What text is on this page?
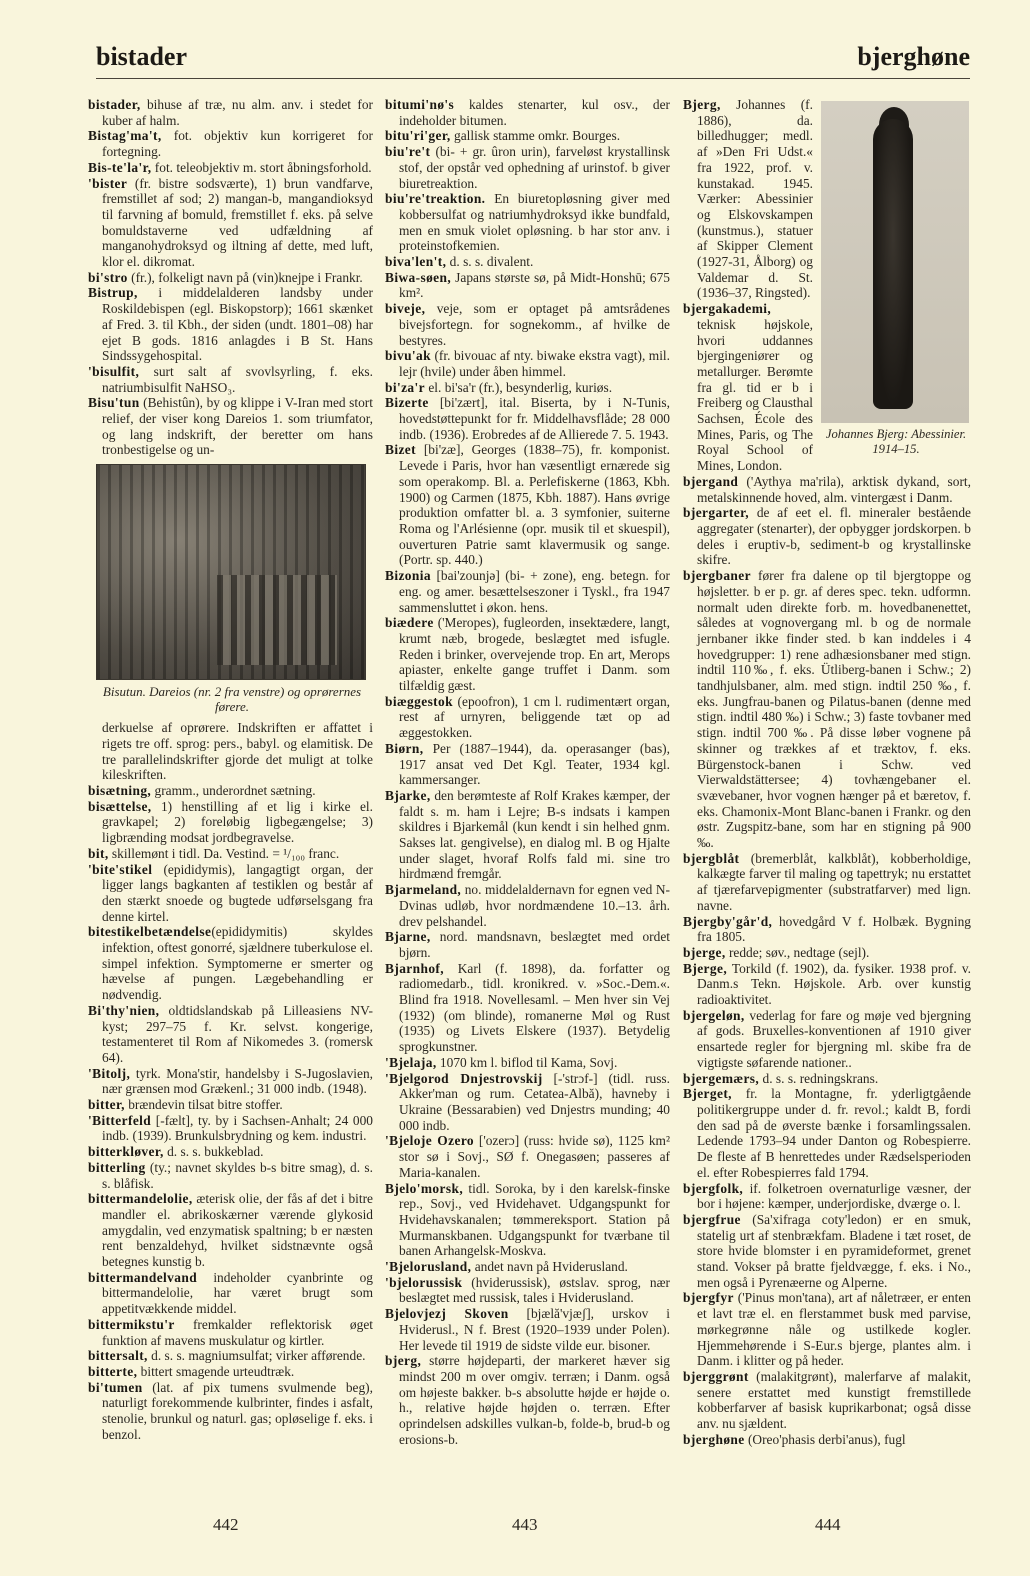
bistader	bjerghøne
bistader, bihuse af træ, nu alm. anv. i stedet for kuber af halm.
Bistag'ma't, fot. objektiv kun korrigeret for fortegning.
Bis-te'la'r, fot. teleobjektiv m. stort åbningsforhold.
'bister (fr. bistre sodsværte), 1) brun vandfarve, fremstillet af sod; 2) mangan-b, mangandioksyd til farvning af bomuld, fremstillet f. eks. på selve bomuldstaverne ved udfældning af manganohydroksyd og iltning af dette, med luft, klor el. dikromat.
bi'stro (fr.), folkeligt navn på (vin)knejpe i Frankr.
Bistrup, i middelalderen landsby under Roskildebispen (egl. Biskopstorp); 1661 skænket af Fred. 3. til Kbh., der siden (undt. 1801–08) har ejet B gods. 1816 anlagdes i B St. Hans Sindssygehospital.
'bisulfit, surt salt af svovlsyrling, f. eks. natriumbisulfit NaHSO₃.
Bisu'tun (Behistûn), by og klippe i V-Iran med stort relief, der viser kong Dareios 1. som triumfator, og lang indskrift, der beretter om hans tronbestigelse og un-
Bisutun. Dareios (nr. 2 fra venstre) og oprørernes førere.
derkuelse af oprørere. Indskriften er affattet i rigets tre off. sprog: pers., babyl. og elamitisk. De tre parallelindskrifter gjorde det muligt at tolke kileskriften.
bisætning, gramm., underordnet sætning.
bisættelse, 1) henstilling af et lig i kirke el. gravkapel; 2) foreløbig ligbegængelse; 3) ligbrænding modsat jordbegravelse.
bit, skillemønt i tidl. Da. Vestind. = ¹/₁₀₀ franc.
'bite'stikel (epididymis), langagtigt organ, der ligger langs bagkanten af testiklen og består af den stærkt snoede og bugtede udførselsgang fra denne kirtel.
bitestikelbetændelse(epididymitis) skyldes infektion, oftest gonorré, sjældnere tuberkulose el. simpel infektion. Symptomerne er smerter og hævelse af pungen. Lægebehandling er nødvendig.
Bi'thy'nien, oldtidslandskab på Lilleasiens NV-kyst; 297–75 f. Kr. selvst. kongerige, testamenteret til Rom af Nikomedes 3. (romersk 64).
'Bitolj, tyrk. Mona'stir, handelsby i S-Jugoslavien, nær grænsen mod Grækenl.; 31 000 indb. (1948).
bitter, brændevin tilsat bitre stoffer.
'Bitterfeld [-fælt], ty. by i Sachsen-Anhalt; 24 000 indb. (1939). Brunkulsbrydning og kem. industri.
bitterkløver, d. s. s. bukkeblad.
bitterling (ty.; navnet skyldes b-s bitre smag), d. s. s. blåfisk.
bittermandelolie, æterisk olie, der fås af det i bitre mandler el. abrikoskærner værende glykosid amygdalin, ved enzymatisk spaltning; b er næsten rent benzaldehyd, hvilket sidstnævnte også betegnes kunstig b.
bittermandelvand indeholder cyanbrinte og bittermandelolie, har været brugt som appetitvækkende middel.
bittermikstu'r fremkalder reflektorisk øget funktion af mavens muskulatur og kirtler.
bittersalt, d. s. s. magniumsulfat; virker afførende.
bitterte, bittert smagende urteudtræk.
bi'tumen (lat. af pix tumens svulmende beg), naturligt forekommende kulbrinter, findes i asfalt, stenolie, brunkul og naturl. gas; opløselige f. eks. i benzol.
bitumi'nø's kaldes stenarter, kul osv., der indeholder bitumen.
bitu'ri'ger, gallisk stamme omkr. Bourges.
biu're't (bi- + gr. ûron urin), farveløst krystallinsk stof, der opstår ved ophedning af urinstof. b giver biuretreaktion.
biu're'treaktion. En biuretopløsning giver med kobbersulfat og natriumhydroksyd ikke bundfald, men en smuk violet opløsning. b har stor anv. i proteinstofkemien.
biva'len't, d. s. s. divalent.
Biwa-søen, Japans største sø, på Midt-Honshū; 675 km².
biveje, veje, som er optaget på amtsrådenes bivejsfortegn. for sognekomm., af hvilke de bestyres.
bivu'ak (fr. bivouac af nty. biwake ekstra vagt), mil. lejr (hvile) under åben himmel.
bi'za'r el. bi'sa'r (fr.), besynderlig, kuriøs.
Bizerte [bi'zært], ital. Biserta, by i N-Tunis, hovedstøttepunkt for fr. Middelhavsflåde; 28 000 indb. (1936). Erobredes af de Allierede 7. 5. 1943.
Bizet [bi'zæ], Georges (1838–75), fr. komponist. Levede i Paris, hvor han væsentligt ernærede sig som operakomp. Bl. a. Perlefiskerne (1863, Kbh. 1900) og Carmen (1875, Kbh. 1887). Hans øvrige produktion omfatter bl. a. 3 symfonier, suiterne Roma og l'Arlésienne (opr. musik til et skuespil), ouverturen Patrie samt klavermusik og sange. (Portr. sp. 440.)
Bizonia [bai'zounjə] (bi- + zone), eng. betegn. for eng. og amer. besættelseszoner i Tyskl., fra 1947 sammensluttet i økon. hens.
biædere ('Meropes), fugleorden, insektædere, langt, krumt næb, brogede, beslægtet med isfugle. Reden i brinker, overvejende trop. En art, Merops apiaster, enkelte gange truffet i Danm. som tilfældig gæst.
biæggestok (epoofron), 1 cm l. rudimentært organ, rest af urnyren, beliggende tæt op ad æggestokken.
Biørn, Per (1887–1944), da. operasanger (bas), 1917 ansat ved Det Kgl. Teater, 1934 kgl. kammersanger.
Bjarke, den berømteste af Rolf Krakes kæmper, der faldt s. m. ham i Lejre; B-s indsats i kampen skildres i Bjarkemål (kun kendt i sin helhed gnm. Sakses lat. gengivelse), en dialog ml. B og Hjalte under slaget, hvoraf Rolfs fald mi. sine tro hirdmænd fremgår.
Bjarmeland, no. middelaldernavn for egnen ved N-Dvinas udløb, hvor nordmændene 10.–13. årh. drev pelshandel.
Bjarne, nord. mandsnavn, beslægtet med ordet bjørn.
Bjarnhof, Karl (f. 1898), da. forfatter og radiomedarb., tidl. kronikred. v. »Soc.-Dem.«. Blind fra 1918. Novellesaml. – Men hver sin Vej (1932) (om blinde), romanerne Møl og Rust (1935) og Livets Elskere (1937). Betydelig sprogkunstner.
'Bjelaja, 1070 km l. biflod til Kama, Sovj.
'Bjelgorod Dnjestrovskij [-'strɔf-] (tidl. russ. Akker'man og rum. Cetatea-Albă), havneby i Ukraine (Bessarabien) ved Dnjestrs munding; 40 000 indb.
'Bjeloje Ozero ['ozerɔ] (russ: hvide sø), 1125 km² stor sø i Sovj., SØ f. Onegasøen; passeres af Maria-kanalen.
Bjelo'morsk, tidl. Soroka, by i den karelsk-finske rep., Sovj., ved Hvidehavet. Udgangspunkt for Hvidehavskanalen; tømmereksport. Station på Murmanskbanen. Udgangspunkt for tværbane til banen Arhangelsk-Moskva.
'Bjelorusland, andet navn på Hviderusland.
'bjelorussisk (hviderussisk), østslav. sprog, nær beslægtet med russisk, tales i Hviderusland.
Bjelovjezj Skoven [bjælă'vjæʃ], urskov i Hviderusl., N f. Brest (1920–1939 under Polen). Her levede til 1919 de sidste vilde eur. bisoner.
bjerg, større højdeparti, der markeret hæver sig mindst 200 m over omgiv. terræn; i Danm. også om højeste bakker. b-s absolutte højde er højde o. h., relative højde højden o. terræn. Efter oprindelsen adskilles vulkan-b, folde-b, brud-b og erosions-b.
Johannes Bjerg: Abessinier. 1914–15.
Bjerg, Johannes (f. 1886), da. billedhugger; medl. af »Den Fri Udst.« fra 1922, prof. v. kunstakad. 1945. Værker: Abessinier og Elskovskampen (kunstmus.), statuer af Skipper Clement (1927-31, Ålborg) og Valdemar d. St. (1936–37, Ringsted).
bjergakademi, teknisk højskole, hvori uddannes bjergingeniører og metallurger. Berømte fra gl. tid er b i Freiberg og Clausthal Sachsen, École des Mines, Paris, og The Royal School of Mines, London.
bjergand ('Aythya ma'rila), arktisk dykand, sort, metalskinnende hoved, alm. vintergæst i Danm.
bjergarter, de af eet el. fl. mineraler bestående aggregater (stenarter), der opbygger jordskorpen. b deles i eruptiv-b, sediment-b og krystallinske skifre.
bjergbaner fører fra dalene op til bjergtoppe og højsletter. b er p. gr. af deres spec. tekn. udformn. normalt uden direkte forb. m. hovedbanenettet, således at vognovergang ml. b og de normale jernbaner ikke finder sted. b kan inddeles i 4 hovedgrupper: 1) rene adhæsionsbaner med stign. indtil 110‰, f. eks. Ütliberg-banen i Schw.; 2) tandhjulsbaner, alm. med stign. indtil 250 ‰, f. eks. Jungfrau-banen og Pilatus-banen (denne med stign. indtil 480 ‰) i Schw.; 3) faste tovbaner med stign. indtil 700 ‰. På disse løber vognene på skinner og trækkes af et træktov, f. eks. Bürgenstock-banen i Schw. ved Vierwaldstättersee; 4) tovhængebaner el. svævebaner, hvor vognen hænger på et bæretov, f. eks. Chamonix-Mont Blanc-banen i Frankr. og den østr. Zugspitz-bane, som har en stigning på 900 ‰.
bjergblåt (bremerblåt, kalkblåt), kobberholdige, kalkægte farver til maling og tapettryk; nu erstattet af tjærefarvepigmenter (substratfarver) med lign. navne.
Bjergby'går'd, hovedgård V f. Holbæk. Bygning fra 1805.
bjerge, redde; søv., nedtage (sejl).
Bjerge, Torkild (f. 1902), da. fysiker. 1938 prof. v. Danm.s Tekn. Højskole. Arb. over kunstig radioaktivitet.
bjergeløn, vederlag for fare og møje ved bjergning af gods. Bruxelles-konventionen af 1910 giver ensartede regler for bjergning ml. skibe fra de vigtigste søfarende nationer..
bjergemærs, d. s. s. redningskrans.
Bjerget, fr. la Montagne, fr. yderligtgående politikergruppe under d. fr. revol.; kaldt B, fordi den sad på de øverste bænke i forsamlingssalen. Ledende 1793–94 under Danton og Robespierre. De fleste af B henrettedes under Rædselsperioden el. efter Robespierres fald 1794.
bjergfolk, if. folketroen overnaturlige væsner, der bor i højene: kæmper, underjordiske, dværge o. l.
bjergfrue (Sa'xifraga coty'ledon) er en smuk, statelig urt af stenbrækfam. Bladene i tæt roset, de store hvide blomster i en pyramideformet, grenet stand. Vokser på bratte fjeldvægge, f. eks. i No., men også i Pyrenæerne og Alperne.
bjergfyr ('Pinus mon'tana), art af nåletræer, er enten et lavt træ el. en flerstammet busk med parvise, mørkegrønne nåle og ustilkede kogler. Hjemmehørende i S-Eur.s bjerge, plantes alm. i Danm. i klitter og på heder.
bjerggrønt (malakitgrønt), malerfarve af malakit, senere erstattet med kunstigt fremstillede kobberfarver af basisk kuprikarbonat; også disse anv. nu sjældent.
bjerghøne (Oreo'phasis derbi'anus), fugl
442	443	444
